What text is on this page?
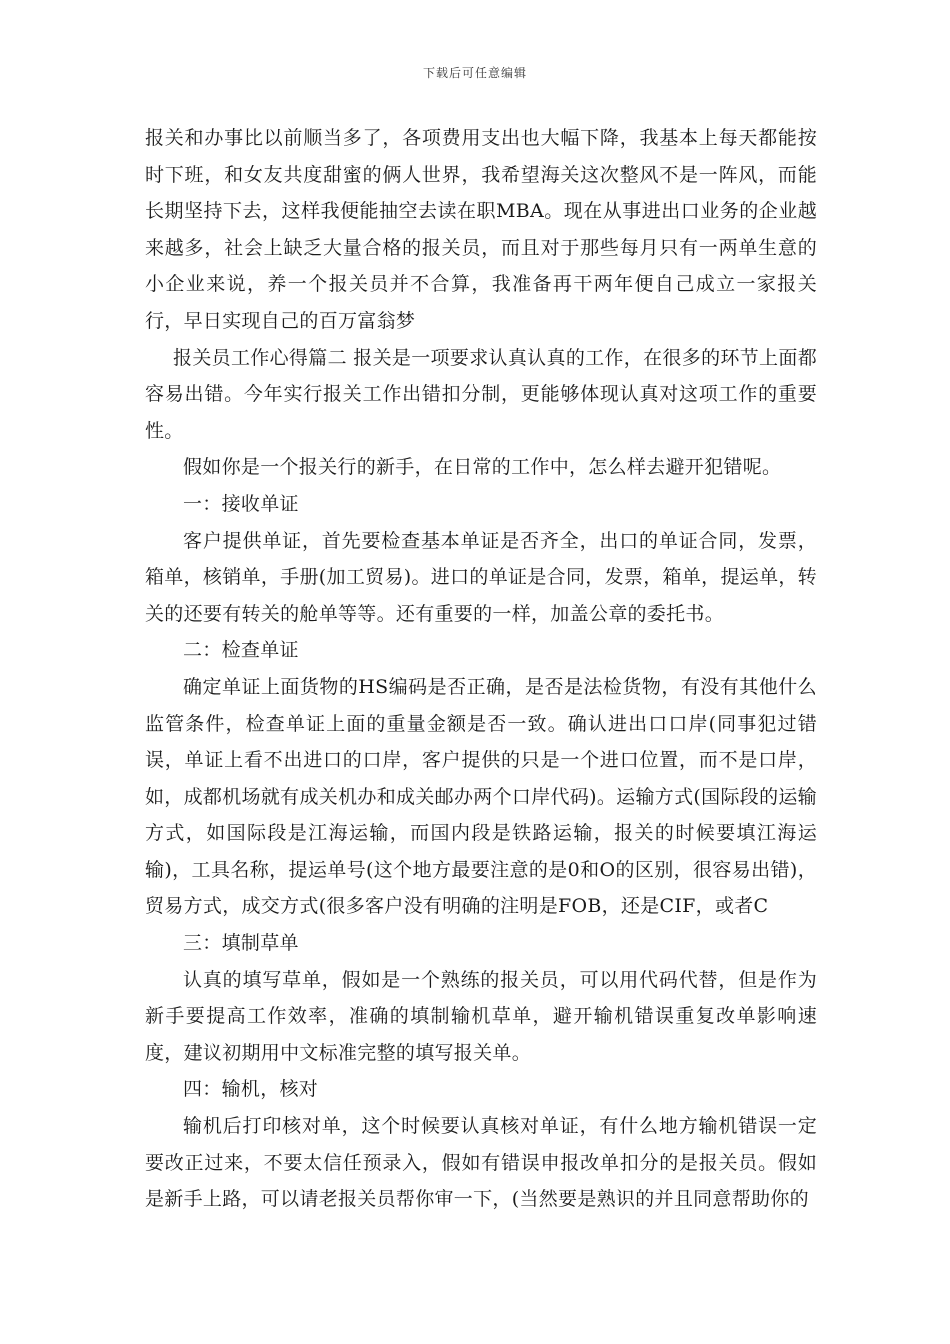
下载后可任意编辑

报关和办事比以前顺当多了，各项费用支出也大幅下降，我基本上每天都能按时下班，和女友共度甜蜜的俩人世界，我希望海关这次整风不是一阵风，而能长期坚持下去，这样我便能抽空去读在职MBA。现在从事进出口业务的企业越来越多，社会上缺乏大量合格的报关员，而且对于那些每月只有一两单生意的小企业来说，养一个报关员并不合算，我准备再干两年便自己成立一家报关行，早日实现自己的百万富翁梦

报关员工作心得篇二 报关是一项要求认真认真的工作，在很多的环节上面都容易出错。今年实行报关工作出错扣分制，更能够体现认真对这项工作的重要性。

假如你是一个报关行的新手，在日常的工作中，怎么样去避开犯错呢。

一：接收单证

客户提供单证，首先要检查基本单证是否齐全，出口的单证合同，发票，箱单，核销单，手册(加工贸易)。进口的单证是合同，发票，箱单，提运单，转关的还要有转关的舱单等等。还有重要的一样，加盖公章的委托书。

二：检查单证

确定单证上面货物的HS编码是否正确，是否是法检货物，有没有其他什么监管条件，检查单证上面的重量金额是否一致。确认进出口口岸(同事犯过错误，单证上看不出进口的口岸，客户提供的只是一个进口位置，而不是口岸，如，成都机场就有成关机办和成关邮办两个口岸代码)。运输方式(国际段的运输方式，如国际段是江海运输，而国内段是铁路运输，报关的时候要填江海运输)，工具名称，提运单号(这个地方最要注意的是0和O的区别，很容易出错)，贸易方式，成交方式(很多客户没有明确的注明是FOB，还是CIF，或者C

三：填制草单

认真的填写草单，假如是一个熟练的报关员，可以用代码代替，但是作为新手要提高工作效率，准确的填制输机草单，避开输机错误重复改单影响速度，建议初期用中文标准完整的填写报关单。

四：输机，核对

输机后打印核对单，这个时候要认真核对单证，有什么地方输机错误一定要改正过来，不要太信任预录入，假如有错误申报改单扣分的是报关员。假如是新手上路，可以请老报关员帮你审一下，(当然要是熟识的并且同意帮助你的
